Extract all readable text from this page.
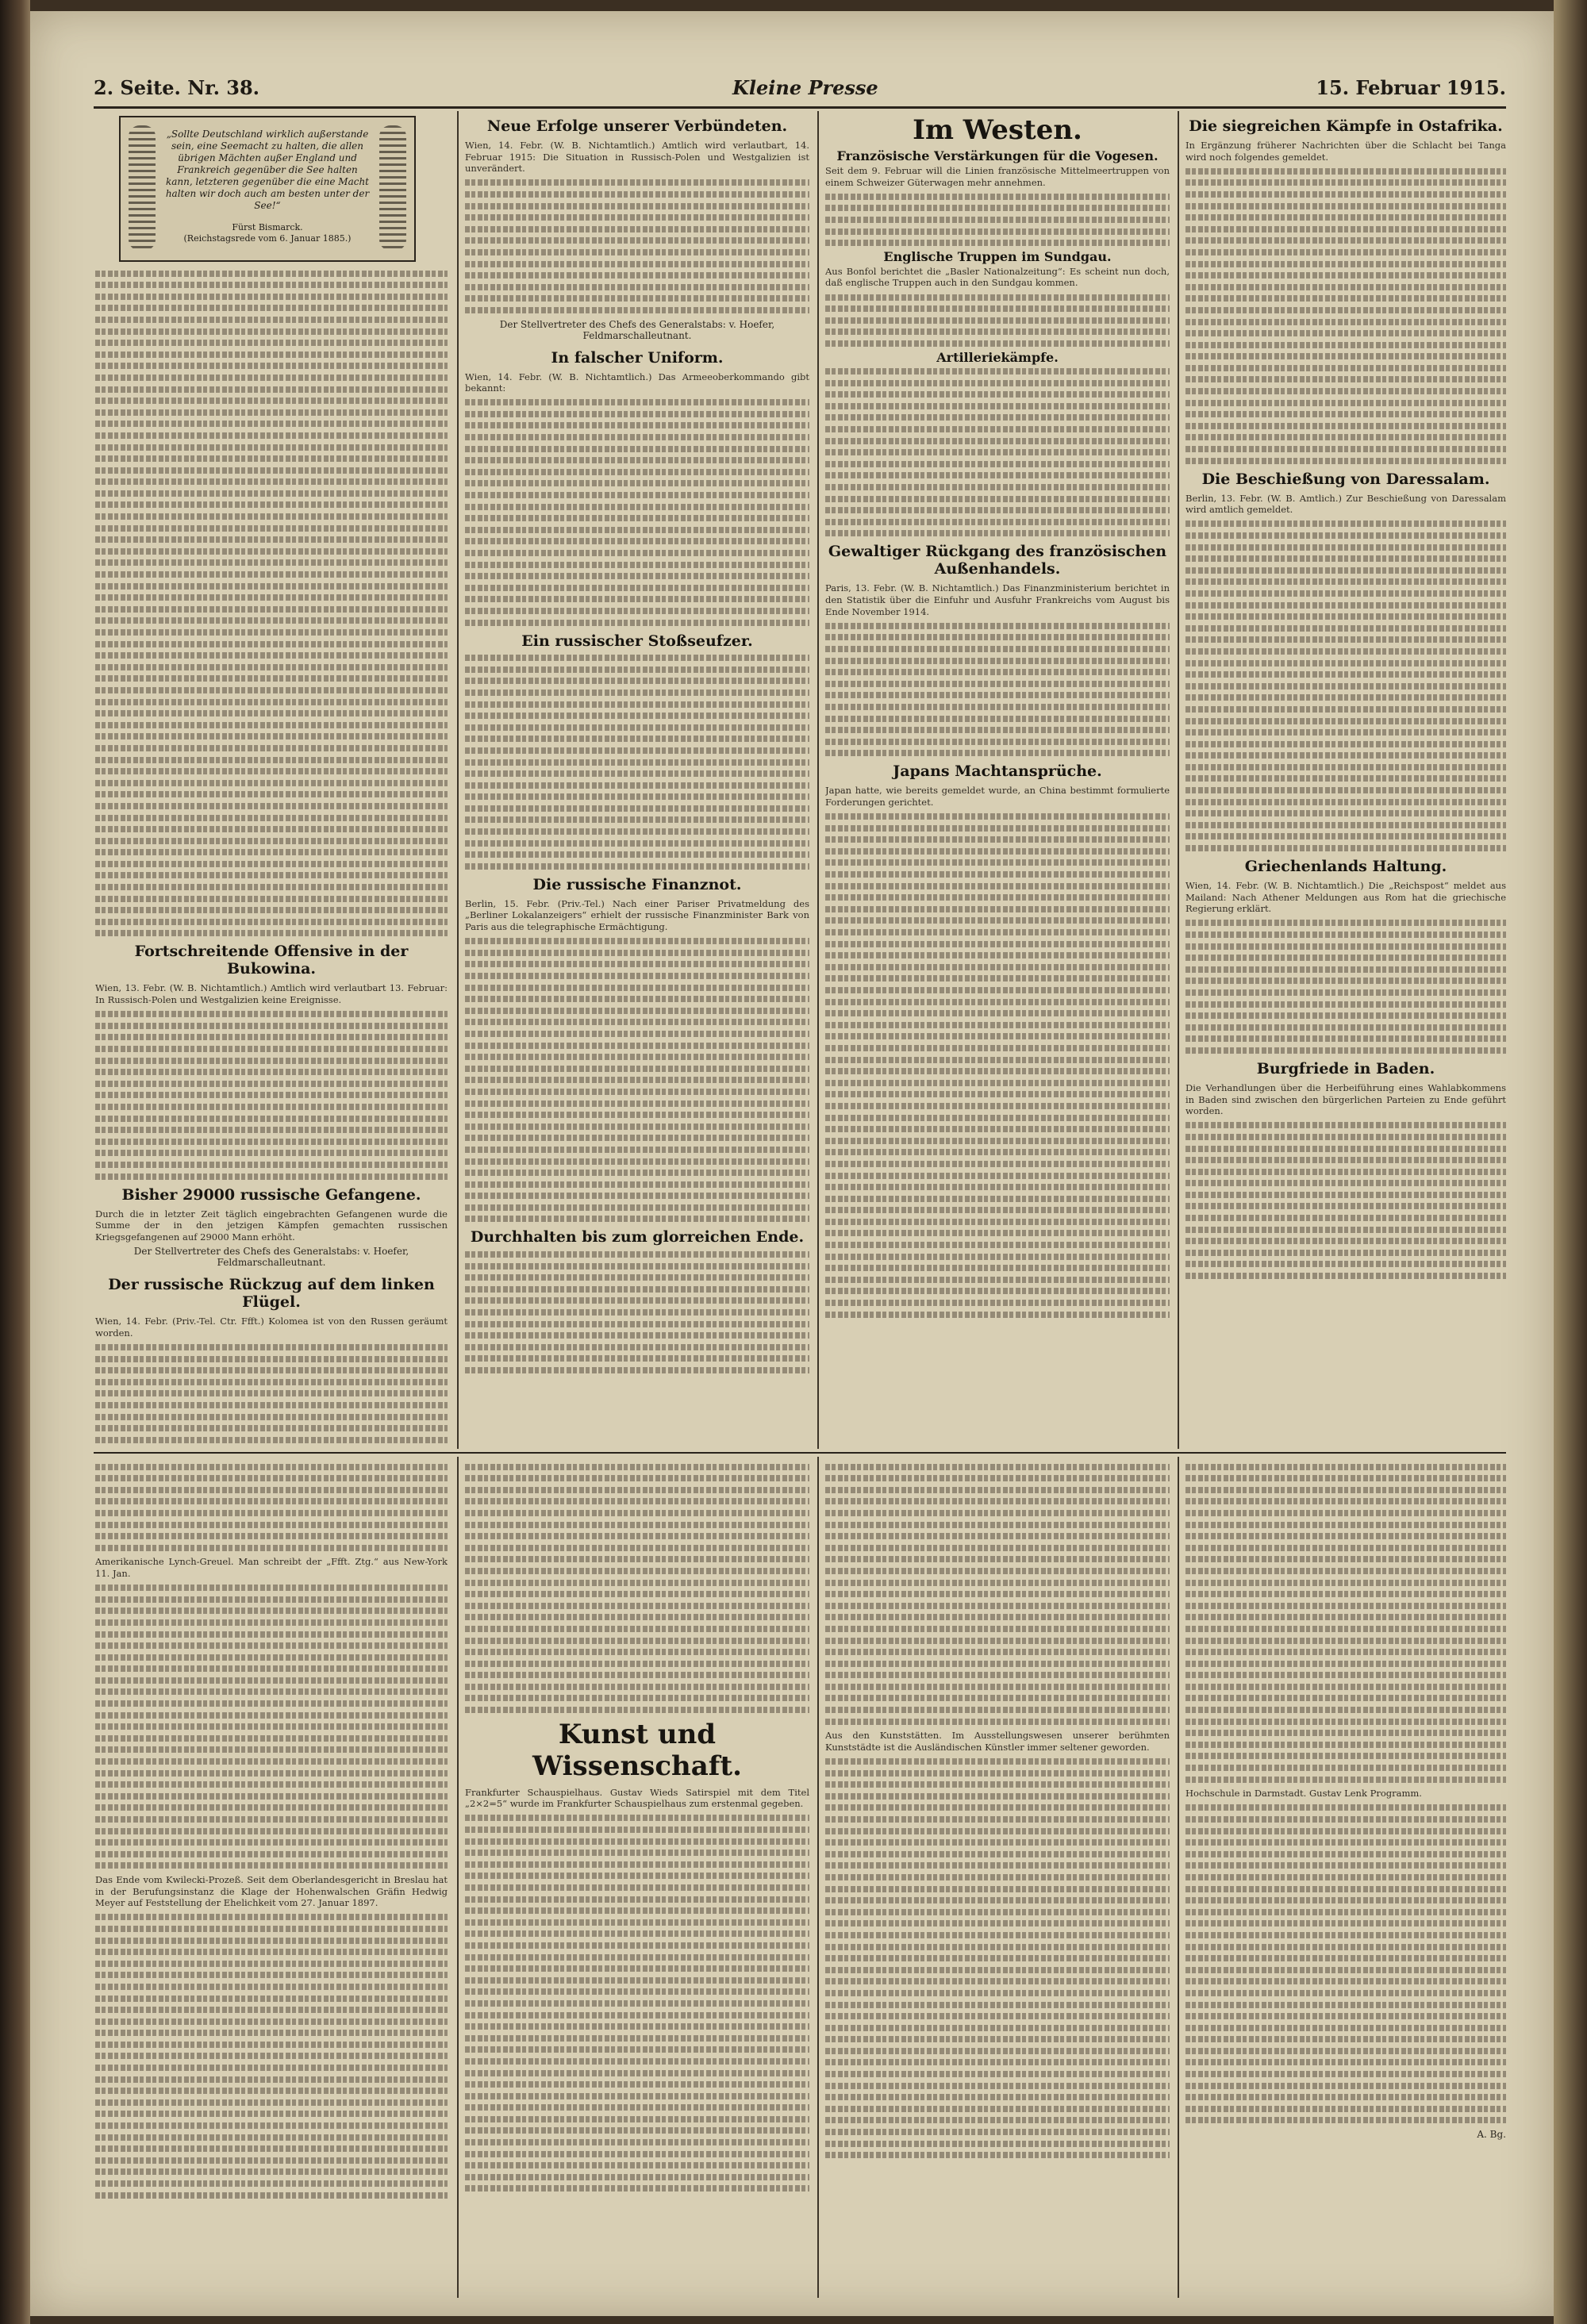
2. Seite. Nr. 38.	Kleine Presse	15. Februar 1915.
„Sollte Deutschland wirklich außerstande sein, eine Seemacht zu halten, die allen übrigen Mächten außer England und Frankreich gegenüber die See halten kann, letzteren gegenüber die eine Macht halten wir doch auch am besten unter der See!“
Fürst Bismarck.
(Reichstagsrede vom 6. Januar 1885.)
Fortschreitende Offensive in der Bukowina.
Wien, 13. Febr. (W. B. Nichtamtlich.) Amtlich wird verlautbart 13. Februar: In Russisch-Polen und Westgalizien keine Ereignisse.
Bisher 29000 russische Gefangene.
Durch die in letzter Zeit täglich eingebrachten Gefangenen wurde die Summe der in den jetzigen Kämpfen gemachten russischen Kriegsgefangenen auf 29000 Mann erhöht.
Der Stellvertreter des Chefs des Generalstabs: v. Hoefer, Feldmarschalleutnant.
Der russische Rückzug auf dem linken Flügel.
Wien, 14. Febr. (Priv.-Tel. Ctr. Ffft.) Kolomea ist von den Russen geräumt worden.
Neue Erfolge unserer Verbündeten.
Wien, 14. Febr. (W. B. Nichtamtlich.) Amtlich wird verlautbart, 14. Februar 1915: Die Situation in Russisch-Polen und Westgalizien ist unverändert.
Der Stellvertreter des Chefs des Generalstabs: v. Hoefer, Feldmarschalleutnant.
In falscher Uniform.
Wien, 14. Febr. (W. B. Nichtamtlich.) Das Armeeoberkommando gibt bekannt:
Ein russischer Stoßseufzer.
Die russische Finanznot.
Berlin, 15. Febr. (Priv.-Tel.) Nach einer Pariser Privatmeldung des „Berliner Lokalanzeigers“ erhielt der russische Finanzminister Bark von Paris aus die telegraphische Ermächtigung.
Durchhalten bis zum glorreichen Ende.
Im Westen.
Französische Verstärkungen für die Vogesen.
Seit dem 9. Februar will die Linien französische Mittelmeertruppen von einem Schweizer Güterwagen mehr annehmen.
Englische Truppen im Sundgau.
Aus Bonfol berichtet die „Basler Nationalzeitung“: Es scheint nun doch, daß englische Truppen auch in den Sundgau kommen.
Artilleriekämpfe.
Gewaltiger Rückgang des französischen Außenhandels.
Paris, 13. Febr. (W. B. Nichtamtlich.) Das Finanzministerium berichtet in den Statistik über die Einfuhr und Ausfuhr Frankreichs vom August bis Ende November 1914.
Japans Machtansprüche.
Japan hatte, wie bereits gemeldet wurde, an China bestimmt formulierte Forderungen gerichtet.
Die siegreichen Kämpfe in Ostafrika.
In Ergänzung früherer Nachrichten über die Schlacht bei Tanga wird noch folgendes gemeldet.
Die Beschießung von Daressalam.
Berlin, 13. Febr. (W. B. Amtlich.) Zur Beschießung von Daressalam wird amtlich gemeldet.
Griechenlands Haltung.
Wien, 14. Febr. (W. B. Nichtamtlich.) Die „Reichspost“ meldet aus Mailand: Nach Athener Meldungen aus Rom hat die griechische Regierung erklärt.
Burgfriede in Baden.
Die Verhandlungen über die Herbeiführung eines Wahlabkommens in Baden sind zwischen den bürgerlichen Parteien zu Ende geführt worden.
Amerikanische Lynch-Greuel. Man schreibt der „Ffft. Ztg.“ aus New-York 11. Jan.
Das Ende vom Kwilecki-Prozeß. Seit dem Oberlandesgericht in Breslau hat in der Berufungsinstanz die Klage der Hohenwalschen Gräfin Hedwig Meyer auf Feststellung der Ehelichkeit vom 27. Januar 1897.
Kunst und Wissenschaft.
Frankfurter Schauspielhaus. Gustav Wieds Satirspiel mit dem Titel „2×2=5“ wurde im Frankfurter Schauspielhaus zum erstenmal gegeben.
Aus den Kunststätten. Im Ausstellungswesen unserer berühmten Kunststädte ist die Ausländischen Künstler immer seltener geworden.
Hochschule in Darmstadt. Gustav Lenk Programm.
A. Bg.
